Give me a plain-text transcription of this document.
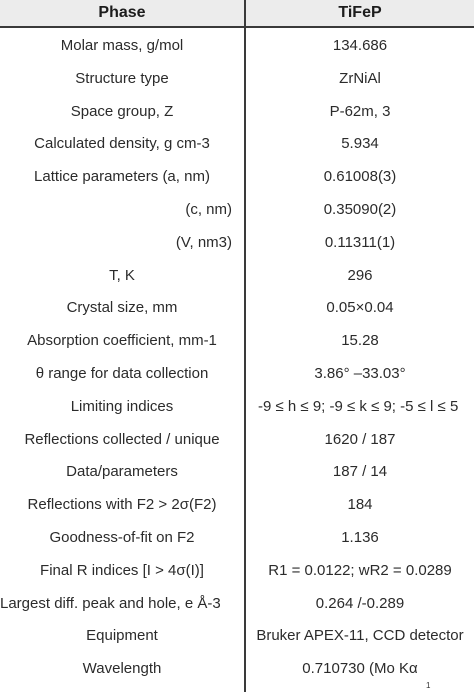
Phase	TiFeP
Molar mass, g/mol	134.686
Structure type	ZrNiAl
Space group, Z	P-62m, 3
Calculated density, g cm-3	5.934
Lattice parameters (a, nm)	0.61008(3)
(c, nm)	0.35090(2)
(V, nm3)	0.11311(1)
T, K	296
Crystal size, mm	0.05×0.04
Absorption coefficient, mm-1	15.28
θ range for data collection	3.86° –33.03°
Limiting indices	-9 ≤ h ≤ 9; -9 ≤ k ≤ 9; -5 ≤ l ≤ 5
Reflections collected / unique	1620 / 187
Data/parameters	187 / 14
Reflections with F2 > 2σ(F2)	184
Goodness-of-fit on F2	1.136
Final R indices [I > 4σ(I)]	R1 = 0.0122; wR2 = 0.0289
Largest diff. peak and hole, e Å-3	0.264 /-0.289
Equipment	Bruker APEX-11, CCD detector
Wavelength	0.710730 (Mo Kα
1
